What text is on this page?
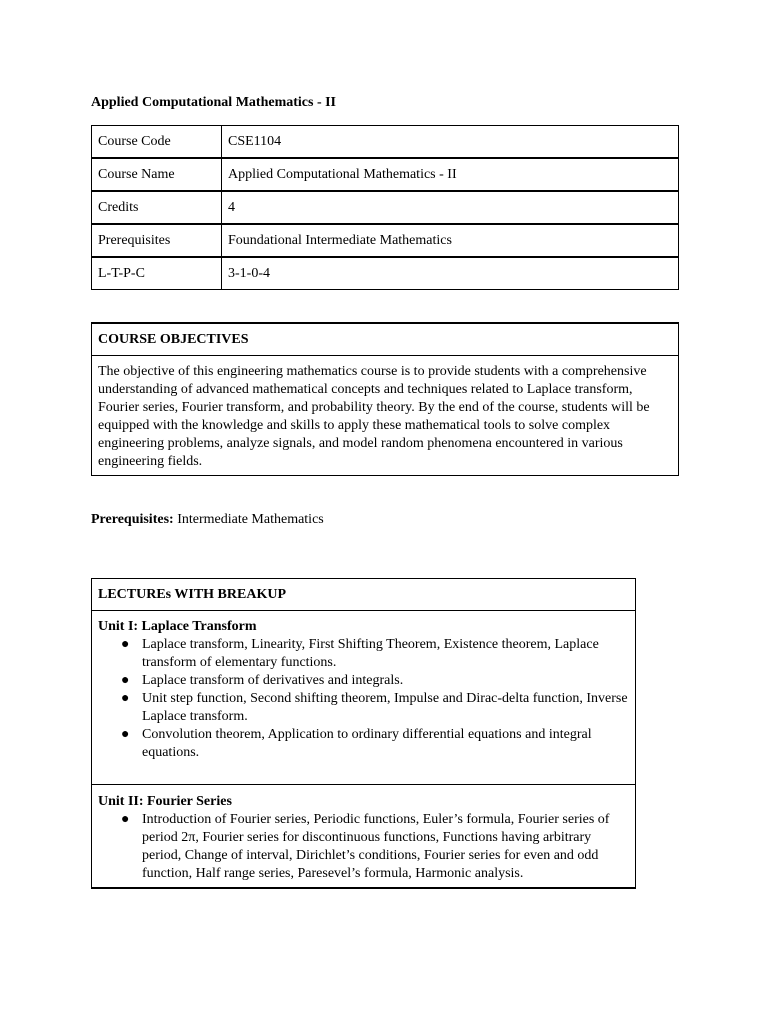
Applied Computational Mathematics - II
Course Code	CSE1104
Course Name	Applied Computational Mathematics - II
Credits	4
Prerequisites	Foundational Intermediate Mathematics
L-T-P-C	3-1-0-4
COURSE OBJECTIVES
The objective of this engineering mathematics course is to provide students with a comprehensive understanding of advanced mathematical concepts and techniques related to Laplace transform, Fourier series, Fourier transform, and probability theory. By the end of the course, students will be equipped with the knowledge and skills to apply these mathematical tools to solve complex engineering problems, analyze signals, and model random phenomena encountered in various engineering fields.
Prerequisites: Intermediate Mathematics
LECTUREs WITH BREAKUP

Unit I: Laplace Transform
● Laplace transform, Linearity, First Shifting Theorem, Existence theorem, Laplace transform of elementary functions.
● Laplace transform of derivatives and integrals.
● Unit step function, Second shifting theorem, Impulse and Dirac-delta function, Inverse Laplace transform.
● Convolution theorem, Application to ordinary differential equations and integral equations.

Unit II: Fourier Series
● Introduction of Fourier series, Periodic functions, Euler’s formula, Fourier series of period 2π, Fourier series for discontinuous functions, Functions having arbitrary period, Change of interval, Dirichlet’s conditions, Fourier series for even and odd function, Half range series, Paresevel’s formula, Harmonic analysis.
